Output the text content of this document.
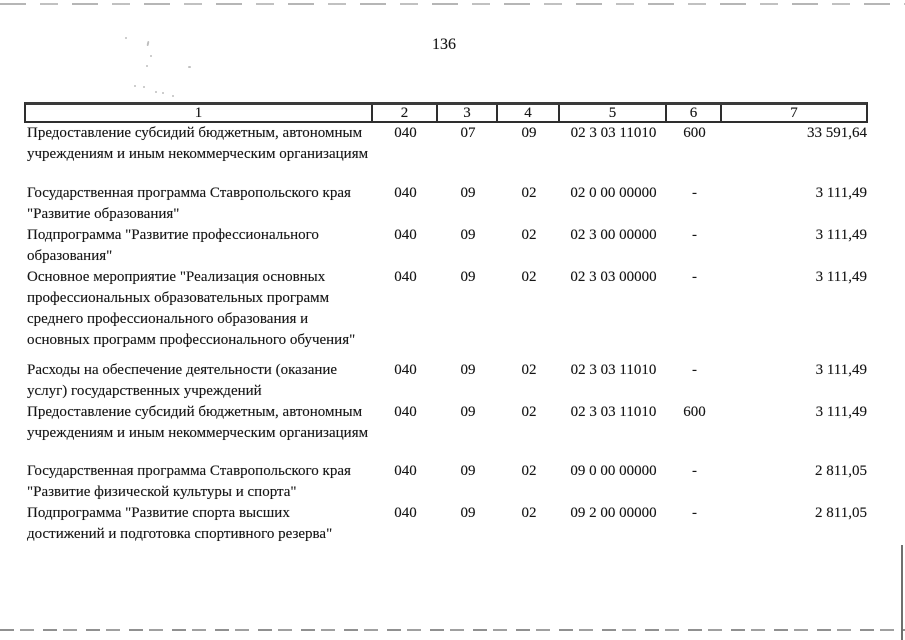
136
1	2	3	4	5	6	7
Предоставление субсидий бюджетным, автономным учреждениям и иным некоммерческим организациям
040	07	09	02 3 03 11010	600	33 591,64
Государственная программа Ставропольского края "Развитие образования"
040	09	02	02 0 00 00000	-	3 111,49
Подпрограмма "Развитие профессионального образования"
040	09	02	02 3 00 00000	-	3 111,49
Основное мероприятие "Реализация основных профессиональных образовательных программ среднего профессионального образования и основных программ профессионального обучения"
040	09	02	02 3 03 00000	-	3 111,49
Расходы на обеспечение деятельности (оказание услуг) государственных учреждений
040	09	02	02 3 03 11010	-	3 111,49
Предоставление субсидий бюджетным, автономным учреждениям и иным некоммерческим организациям
040	09	02	02 3 03 11010	600	3 111,49
Государственная программа Ставропольского края "Развитие физической культуры и спорта"
040	09	02	09 0 00 00000	-	2 811,05
Подпрограмма "Развитие спорта высших достижений и подготовка спортивного резерва"
040	09	02	09 2 00 00000	-	2 811,05
